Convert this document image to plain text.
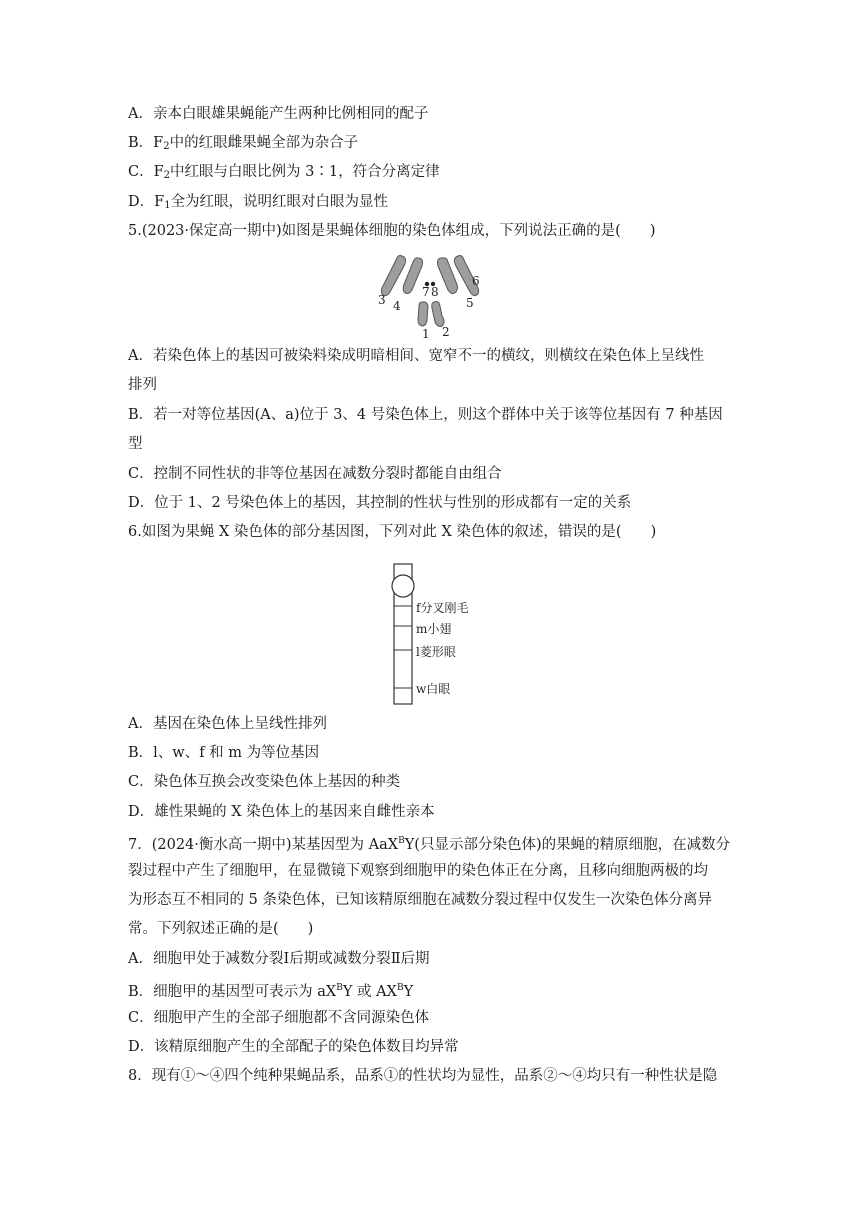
A．亲本白眼雄果蝇能产生两种比例相同的配子
B．$F_2$中的红眼雌果蝇全部为杂合子
C．$F_2$中红眼与白眼比例为 3∶1，符合分离定律
D．$F_1$全为红眼，说明红眼对白眼为显性
5.(2023·保定高一期中)如图是果蝇体细胞的染色体组成，下列说法正确的是(　　)
1 2
3 4	5
6
7 8
A．若染色体上的基因可被染料染成明暗相间、宽窄不一的横纹，则横纹在染色体上呈线性
排列
B．若一对等位基因(A、a)位于 3、4 号染色体上，则这个群体中关于该等位基因有 7 种基因
型
C．控制不同性状的非等位基因在减数分裂时都能自由组合
D．位于 1、2 号染色体上的基因，其控制的性状与性别的形成都有一定的关系
6.如图为果蝇 X 染色体的部分基因图，下列对此 X 染色体的叙述，错误的是(　　)
f分叉刚毛
m小翅
l菱形眼
w白眼
A．基因在染色体上呈线性排列
B．l、w、f 和 m 为等位基因
C．染色体互换会改变染色体上基因的种类
D．雄性果蝇的 X 染色体上的基因来自雌性亲本
7．(2024·衡水高一期中)某基因型为 AaX$^B$Y(只显示部分染色体)的果蝇的精原细胞，在减数分
裂过程中产生了细胞甲，在显微镜下观察到细胞甲的染色体正在分离，且移向细胞两极的均
为形态互不相同的 5 条染色体，已知该精原细胞在减数分裂过程中仅发生一次染色体分离异
常。下列叙述正确的是(　　)
A．细胞甲处于减数分裂Ⅰ后期或减数分裂Ⅱ后期
B．细胞甲的基因型可表示为 $aX^BY$ 或 $AX^BY$
C．细胞甲产生的全部子细胞都不含同源染色体
D．该精原细胞产生的全部配子的染色体数目均异常
8．现有①～④四个纯种果蝇品系，品系①的性状均为显性，品系②～④均只有一种性状是隐
